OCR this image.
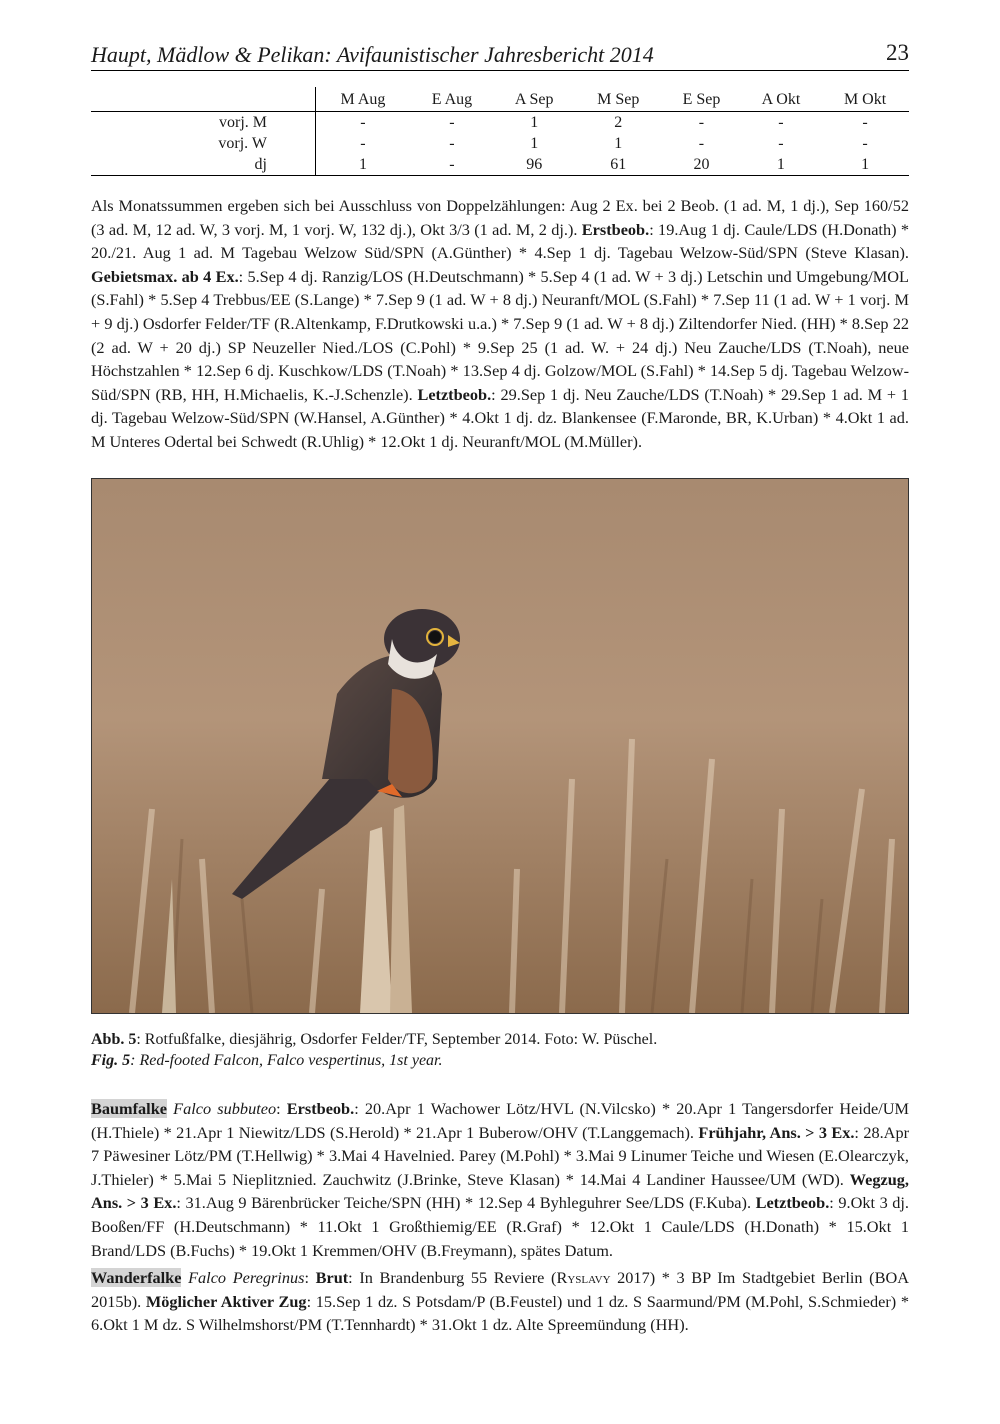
Haupt, Mädlow & Pelikan: Avifaunistischer Jahresbericht 2014	23
	M Aug	E Aug	A Sep	M Sep	E Sep	A Okt	M Okt
vorj. M	-	-	1	2	-	-	-
vorj. W	-	-	1	1	-	-	-
dj	1	-	96	61	20	1	1

Als Monatssummen ergeben sich bei Ausschluss von Doppelzählungen: Aug 2 Ex. bei 2 Beob. (1 ad. M, 1 dj.), Sep 160/52 (3 ad. M, 12 ad. W, 3 vorj. M, 1 vorj. W, 132 dj.), Okt 3/3 (1 ad. M, 2 dj.). Erstbeob.: 19.Aug 1 dj. Caule/LDS (H.Donath) * 20./21. Aug 1 ad. M Tagebau Welzow Süd/SPN (A.Günther) * 4.Sep 1 dj. Tagebau Welzow-Süd/SPN (Steve Klasan). Gebietsmax. ab 4 Ex.: 5.Sep 4 dj. Ranzig/LOS (H.Deutschmann) * 5.Sep 4 (1 ad. W + 3 dj.) Letschin und Umgebung/MOL (S.Fahl) * 5.Sep 4 Trebbus/EE (S.Lange) * 7.Sep 9 (1 ad. W + 8 dj.) Neuranft/MOL (S.Fahl) * 7.Sep 11 (1 ad. W + 1 vorj. M + 9 dj.) Osdorfer Felder/TF (R.Altenkamp, F.Drutkowski u.a.) * 7.Sep 9 (1 ad. W + 8 dj.) Ziltendorfer Nied. (HH) * 8.Sep 22 (2 ad. W + 20 dj.) SP Neuzeller Nied./LOS (C.Pohl) * 9.Sep 25 (1 ad. W. + 24 dj.) Neu Zauche/LDS (T.Noah), neue Höchstzahlen * 12.Sep 6 dj. Kuschkow/LDS (T.Noah) * 13.Sep 4 dj. Golzow/MOL (S.Fahl) * 14.Sep 5 dj. Tagebau Welzow-Süd/SPN (RB, HH, H.Michaelis, K.-J.Schenzle). Letztbeob.: 29.Sep 1 dj. Neu Zauche/LDS (T.Noah) * 29.Sep 1 ad. M + 1 dj. Tagebau Welzow-Süd/SPN (W.Hansel, A.Günther) * 4.Okt 1 dj. dz. Blankensee (F.Maronde, BR, K.Urban) * 4.Okt 1 ad. M Unteres Odertal bei Schwedt (R.Uhlig) * 12.Okt 1 dj. Neuranft/MOL (M.Müller).

Abb. 5: Rotfußfalke, diesjährig, Osdorfer Felder/TF, September 2014. Foto: W. Püschel.
Fig. 5: Red-footed Falcon, Falco vespertinus, 1st year.

Baumfalke Falco subbuteo: Erstbeob.: 20.Apr 1 Wachower Lötz/HVL (N.Vilcsko) * 20.Apr 1 Tangersdorfer Heide/UM (H.Thiele) * 21.Apr 1 Niewitz/LDS (S.Herold) * 21.Apr 1 Buberow/OHV (T.Langgemach). Frühjahr, Ans. > 3 Ex.: 28.Apr 7 Päwesiner Lötz/PM (T.Hellwig) * 3.Mai 4 Havelnied. Parey (M.Pohl) * 3.Mai 9 Linumer Teiche und Wiesen (E.Olearczyk, J.Thieler) * 5.Mai 5 Nieplitznied. Zauchwitz (J.Brinke, Steve Klasan) * 14.Mai 4 Landiner Haussee/UM (WD). Wegzug, Ans. > 3 Ex.: 31.Aug 9 Bärenbrücker Teiche/SPN (HH) * 12.Sep 4 Byhleguhrer See/LDS (F.Kuba). Letztbeob.: 9.Okt 3 dj. Booßen/FF (H.Deutschmann) * 11.Okt 1 Großthiemig/EE (R.Graf) * 12.Okt 1 Caule/LDS (H.Donath) * 15.Okt 1 Brand/LDS (B.Fuchs) * 19.Okt 1 Kremmen/OHV (B.Freymann), spätes Datum.

Wanderfalke Falco Peregrinus: Brut: In Brandenburg 55 Reviere (Ryslavy 2017) * 3 BP Im Stadtgebiet Berlin (BOA 2015b). Möglicher Aktiver Zug: 15.Sep 1 dz. S Potsdam/P (B.Feustel) und 1 dz. S Saarmund/PM (M.Pohl, S.Schmieder) * 6.Okt 1 M dz. S Wilhelmshorst/PM (T.Tennhardt) * 31.Okt 1 dz. Alte Spreemündung (HH).
